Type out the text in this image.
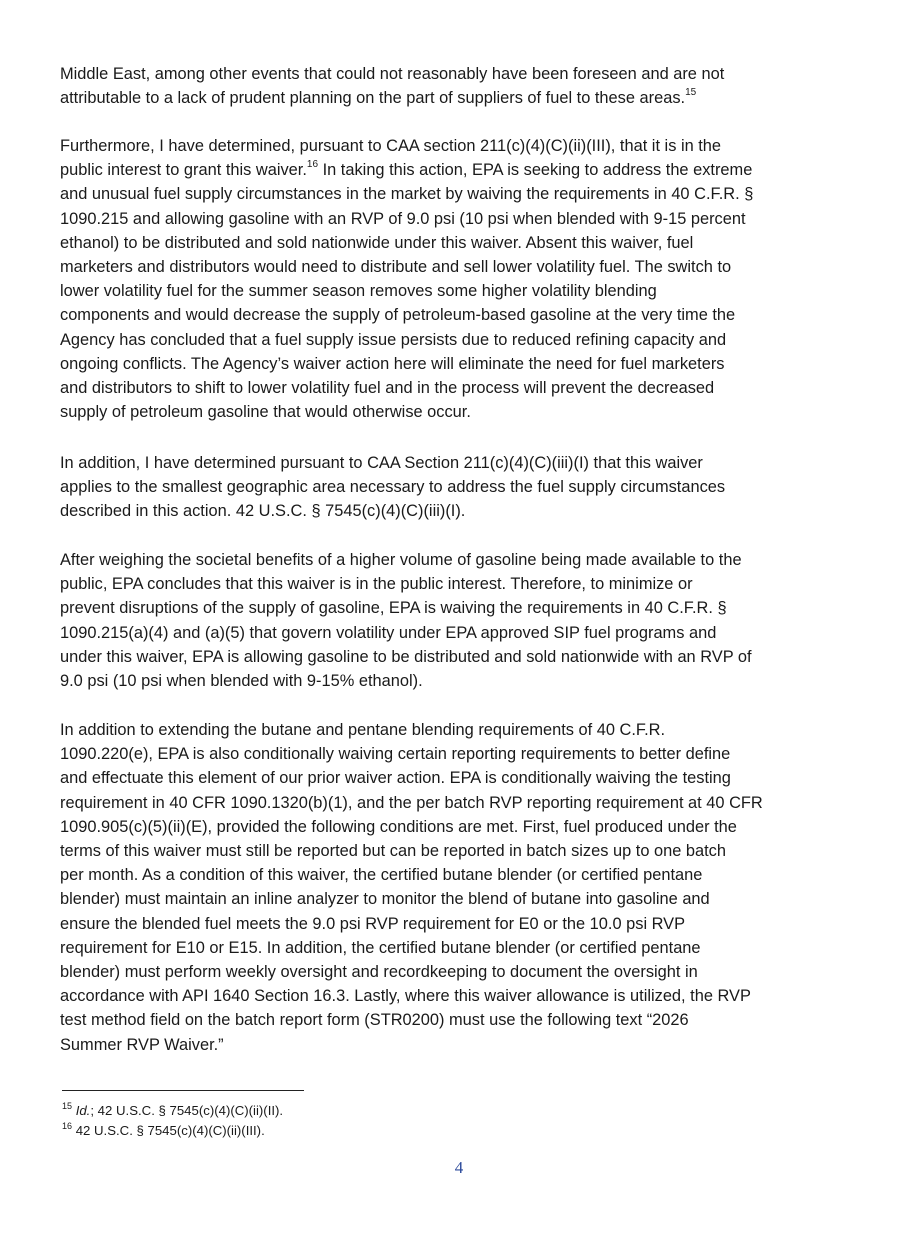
Middle East, among other events that could not reasonably have been foreseen and are not
attributable to a lack of prudent planning on the part of suppliers of fuel to these areas.$^{15}$

Furthermore, I have determined, pursuant to CAA section 211(c)(4)(C)(ii)(III), that it is in the
public interest to grant this waiver.$^{16}$ In taking this action, EPA is seeking to address the extreme
and unusual fuel supply circumstances in the market by waiving the requirements in 40 C.F.R. §
1090.215 and allowing gasoline with an RVP of 9.0 psi (10 psi when blended with 9-15 percent
ethanol) to be distributed and sold nationwide under this waiver. Absent this waiver, fuel
marketers and distributors would need to distribute and sell lower volatility fuel. The switch to
lower volatility fuel for the summer season removes some higher volatility blending
components and would decrease the supply of petroleum-based gasoline at the very time the
Agency has concluded that a fuel supply issue persists due to reduced refining capacity and
ongoing conflicts. The Agency’s waiver action here will eliminate the need for fuel marketers
and distributors to shift to lower volatility fuel and in the process will prevent the decreased
supply of petroleum gasoline that would otherwise occur.

In addition, I have determined pursuant to CAA Section 211(c)(4)(C)(iii)(I) that this waiver
applies to the smallest geographic area necessary to address the fuel supply circumstances
described in this action. 42 U.S.C. § 7545(c)(4)(C)(iii)(I).

After weighing the societal benefits of a higher volume of gasoline being made available to the
public, EPA concludes that this waiver is in the public interest. Therefore, to minimize or
prevent disruptions of the supply of gasoline, EPA is waiving the requirements in 40 C.F.R. §
1090.215(a)(4) and (a)(5) that govern volatility under EPA approved SIP fuel programs and
under this waiver, EPA is allowing gasoline to be distributed and sold nationwide with an RVP of
9.0 psi (10 psi when blended with 9-15% ethanol).

In addition to extending the butane and pentane blending requirements of 40 C.F.R.
1090.220(e), EPA is also conditionally waiving certain reporting requirements to better define
and effectuate this element of our prior waiver action. EPA is conditionally waiving the testing
requirement in 40 CFR 1090.1320(b)(1), and the per batch RVP reporting requirement at 40 CFR
1090.905(c)(5)(ii)(E), provided the following conditions are met. First, fuel produced under the
terms of this waiver must still be reported but can be reported in batch sizes up to one batch
per month. As a condition of this waiver, the certified butane blender (or certified pentane
blender) must maintain an inline analyzer to monitor the blend of butane into gasoline and
ensure the blended fuel meets the 9.0 psi RVP requirement for E0 or the 10.0 psi RVP
requirement for E10 or E15. In addition, the certified butane blender (or certified pentane
blender) must perform weekly oversight and recordkeeping to document the oversight in
accordance with API 1640 Section 16.3. Lastly, where this waiver allowance is utilized, the RVP
test method field on the batch report form (STR0200) must use the following text “2026
Summer RVP Waiver.”

$^{15}$ Id.; 42 U.S.C. § 7545(c)(4)(C)(ii)(II).
$^{16}$ 42 U.S.C. § 7545(c)(4)(C)(ii)(III).
4
